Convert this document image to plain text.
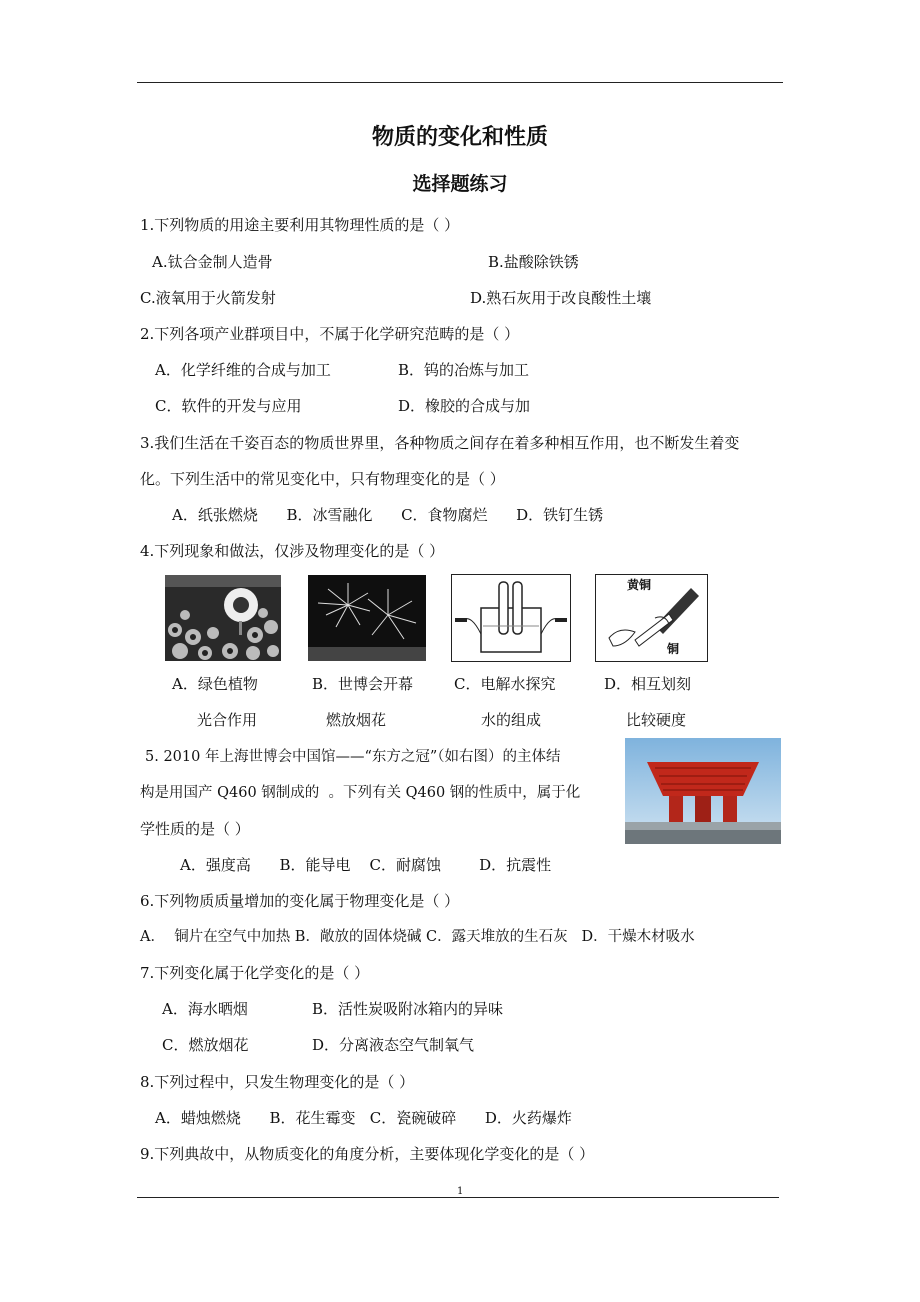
物质的变化和性质
选择题练习
1.下列物质的用途主要利用其物理性质的是（ ）
A.钛合金制人造骨	B.盐酸除铁锈
C.液氧用于火箭发射	D.熟石灰用于改良酸性土壤
2.下列各项产业群项目中，不属于化学研究范畴的是（ ）
A．化学纤维的合成与加工	B．钨的冶炼与加工
C．软件的开发与应用	D．橡胶的合成与加
3.我们生活在千姿百态的物质世界里，各种物质之间存在着多种相互作用，也不断发生着变
化。下列生活中的常见变化中，只有物理变化的是（ ）
A．纸张燃烧      B．冰雪融化      C．食物腐烂      D．铁钉生锈
4.下列现象和做法，仅涉及物理变化的是（ ）
黄铜
铜
A．绿色植物	B．世博会开幕	C．电解水探究	D．相互划刻
光合作用	燃放烟花	水的组成	比较硬度
5. 2010 年上海世博会中国馆——“东方之冠”（如右图）的主体结
构是用国产 Q460 钢制成的  。下列有关 Q460 钢的性质中，属于化
学性质的是（ ）
A．强度高      B．能导电    C．耐腐蚀        D．抗震性
6.下列物质质量增加的变化属于物理变化是（ ）
A．  铜片在空气中加热 B．敞放的固体烧碱 C．露天堆放的生石灰   D．干燥木材吸水
7.下列变化属于化学变化的是（ ）
A．海水晒烟	B．活性炭吸附冰箱内的异味
C．燃放烟花	D．分离液态空气制氧气
8.下列过程中，只发生物理变化的是（ ）
A．蜡烛燃烧      B．花生霉变   C．瓷碗破碎      D．火药爆炸
9.下列典故中，从物质变化的角度分析，主要体现化学变化的是（ ）
1
